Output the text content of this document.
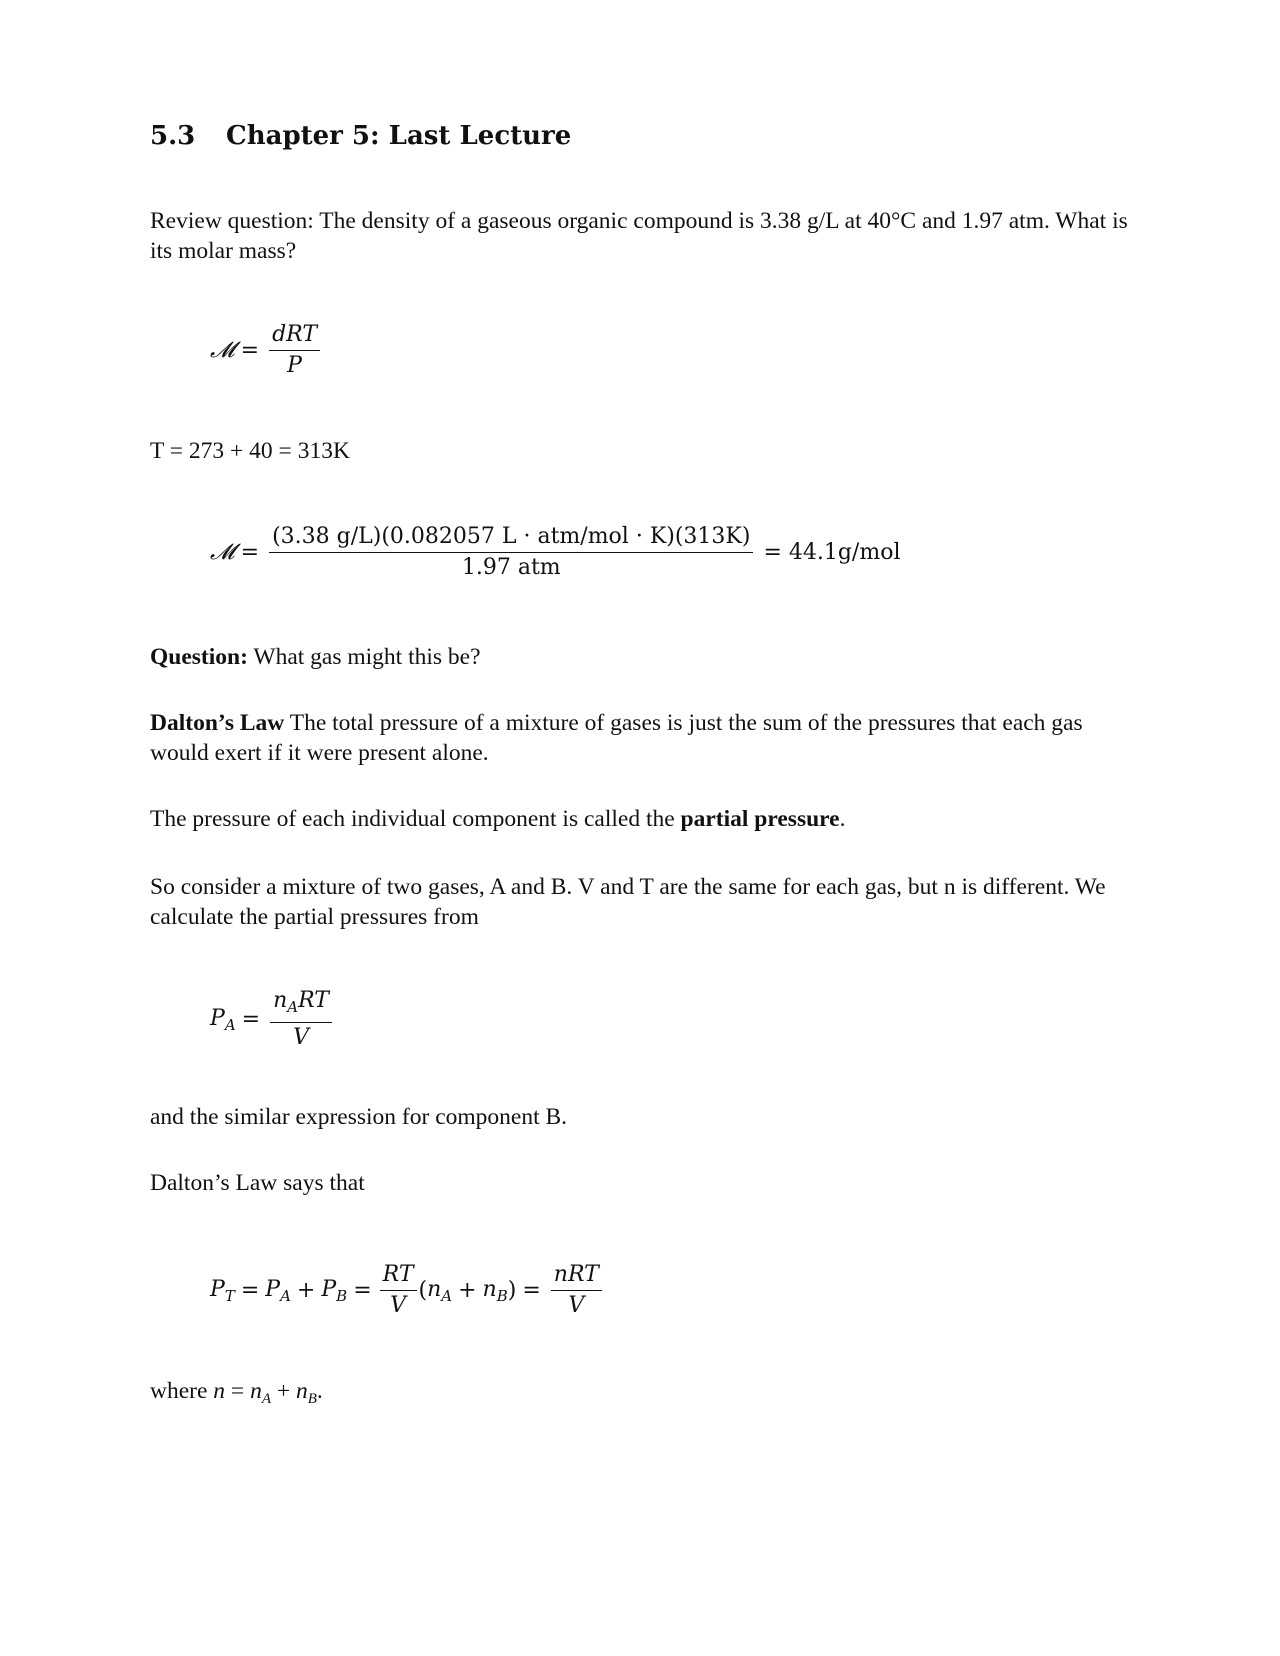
5.3 Chapter 5: Last Lecture
Review question: The density of a gaseous organic compound is 3.38 g/L at 40°C and 1.97 atm. What is its molar mass?
𝓜 = $\frac{\text{dRT}}{P}$
T = 273 + 40 = 313K
𝓜 = $\frac{\text{(3.38 g/L)(0.082057 L · atm/mol · K)(313K)}}{\text{1.97 atm}} = 44.1g/mol$
Question: What gas might this be?
Dalton’s Law The total pressure of a mixture of gases is just the sum of the pressures that each gas would exert if it were present alone.
The pressure of each individual component is called the partial pressure.
So consider a mixture of two gases, A and B. V and T are the same for each gas, but n is different. We calculate the partial pressures from
$P_A = \frac{n_ART}{V}$
and the similar expression for component B.
Dalton’s Law says that
$P_T = P_A + P_B = \frac{RT}{V}$ ( $n_A + n_B$ ) = $\frac{\text{nRT}}{V}$
where $n = n_A + n_B$.
